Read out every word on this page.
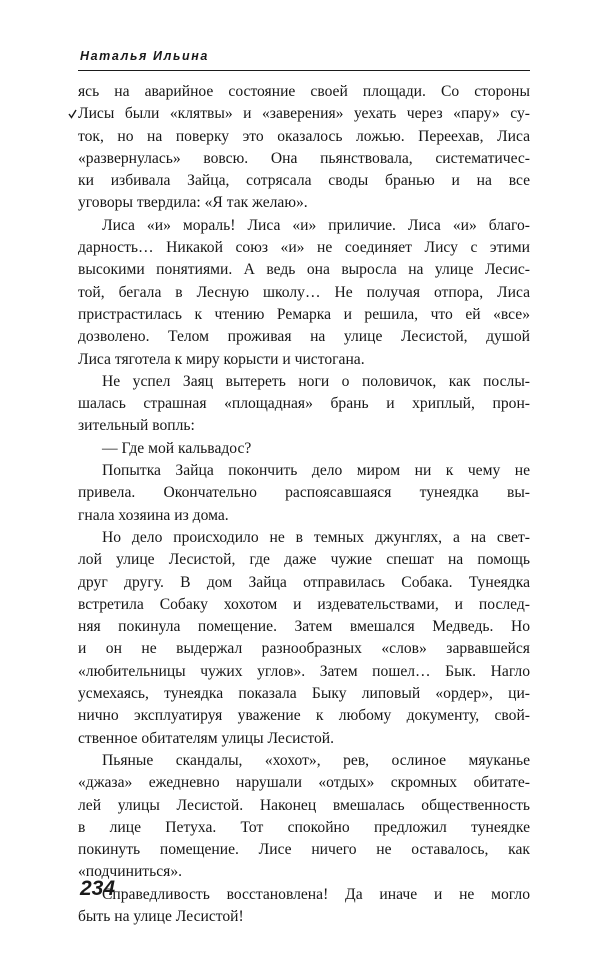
Наталья Ильина

ясь на аварийное состояние своей площади. Со стороны
Лисы были «клятвы» и «заверения» уехать через «пару» су-
ток, но на поверку это оказалось ложью. Переехав, Лиса
«развернулась» вовсю. Она пьянствовала, систематичес-
ки избивала Зайца, сотрясала своды бранью и на все
уговоры твердила: «Я так желаю».

Лиса «и» мораль! Лиса «и» приличие. Лиса «и» благо-
дарность… Никакой союз «и» не соединяет Лису с этими
высокими понятиями. А ведь она выросла на улице Лесис-
той, бегала в Лесную школу… Не получая отпора, Лиса
пристрастилась к чтению Ремарка и решила, что ей «все»
дозволено. Телом проживая на улице Лесистой, душой
Лиса тяготела к миру корысти и чистогана.

Не успел Заяц вытереть ноги о половичок, как послы-
шалась страшная «площадная» брань и хриплый, прон-
зительный вопль:

— Где мой кальвадос?

Попытка Зайца покончить дело миром ни к чему не
привела. Окончательно распоясавшаяся тунеядка вы-
гнала хозяина из дома.

Но дело происходило не в темных джунглях, а на свет-
лой улице Лесистой, где даже чужие спешат на помощь
друг другу. В дом Зайца отправилась Собака. Тунеядка
встретила Собаку хохотом и издевательствами, и послед-
няя покинула помещение. Затем вмешался Медведь. Но
и он не выдержал разнообразных «слов» зарвавшейся
«любительницы чужих углов». Затем пошел… Бык. Нагло
усмехаясь, тунеядка показала Быку липовый «ордер», ци-
нично эксплуатируя уважение к любому документу, свой-
ственное обитателям улицы Лесистой.

Пьяные скандалы, «хохот», рев, ослиное мяуканье
«джаза» ежедневно нарушали «отдых» скромных обитате-
лей улицы Лесистой. Наконец вмешалась общественность
в лице Петуха. Тот спокойно предложил тунеядке
покинуть помещение. Лисе ничего не оставалось, как
«подчиниться».

Справедливость восстановлена! Да иначе и не могло
быть на улице Лесистой!

234
